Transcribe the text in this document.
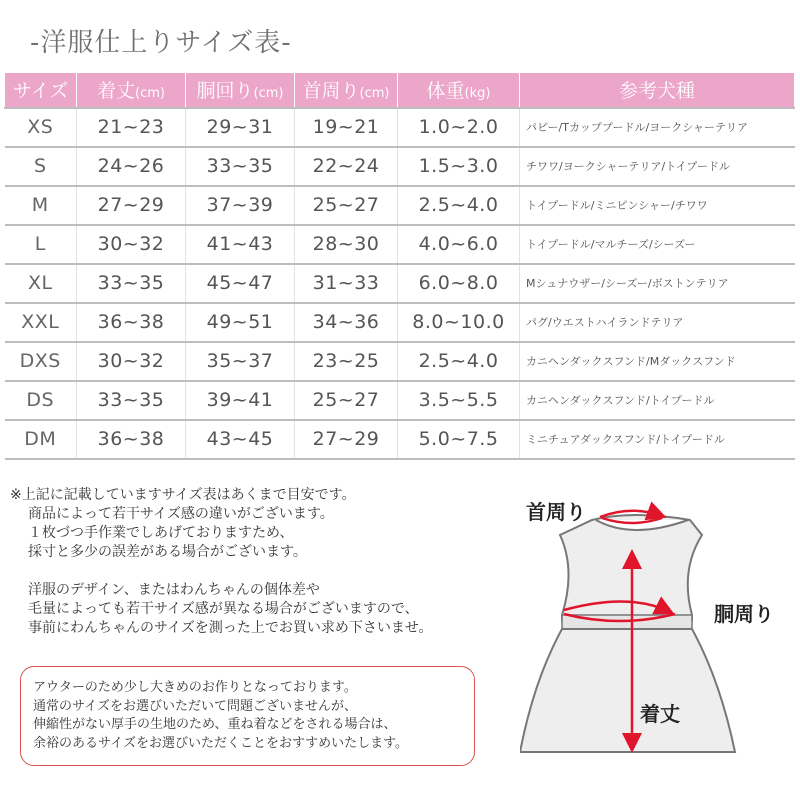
-洋服仕上りサイズ表-
サイズ	着丈(cm)	胴回り(cm)	首周り(cm)	体重(kg)	参考犬種
XS	21~23	29~31	19~21	1.0~2.0	パピー/Tカッププードル/ヨークシャーテリア
S	24~26	33~35	22~24	1.5~3.0	チワワ/ヨークシャーテリア/トイプードル
M	27~29	37~39	25~27	2.5~4.0	トイプードル/ミニピンシャー/チワワ
L	30~32	41~43	28~30	4.0~6.0	トイプードル/マルチーズ/シーズー
XL	33~35	45~47	31~33	6.0~8.0	Mシュナウザー/シーズー/ボストンテリア
XXL	36~38	49~51	34~36	8.0~10.0	パグ/ウエストハイランドテリア
DXS	30~32	35~37	23~25	2.5~4.0	カニヘンダックスフンド/Mダックスフンド
DS	33~35	39~41	25~27	3.5~5.5	カニヘンダックスフンド/トイプードル
DM	36~38	43~45	27~29	5.0~7.5	ミニチュアダックスフンド/トイプードル
※上記に記載していますサイズ表はあくまで目安です。
商品によって若干サイズ感の違いがございます。
１枚づつ手作業でしあげておりますため、
採寸と多少の誤差がある場合がございます。
洋服のデザイン、またはわんちゃんの個体差や
毛量によっても若干サイズ感が異なる場合がございますので、
事前にわんちゃんのサイズを測った上でお買い求め下さいませ。
アウターのため少し大きめのお作りとなっております。
通常のサイズをお選びいただいて問題ございませんが、
伸縮性がない厚手の生地のため、重ね着などをされる場合は、
余裕のあるサイズをお選びいただくことをおすすめいたします。
首周り
胴周り
着丈
